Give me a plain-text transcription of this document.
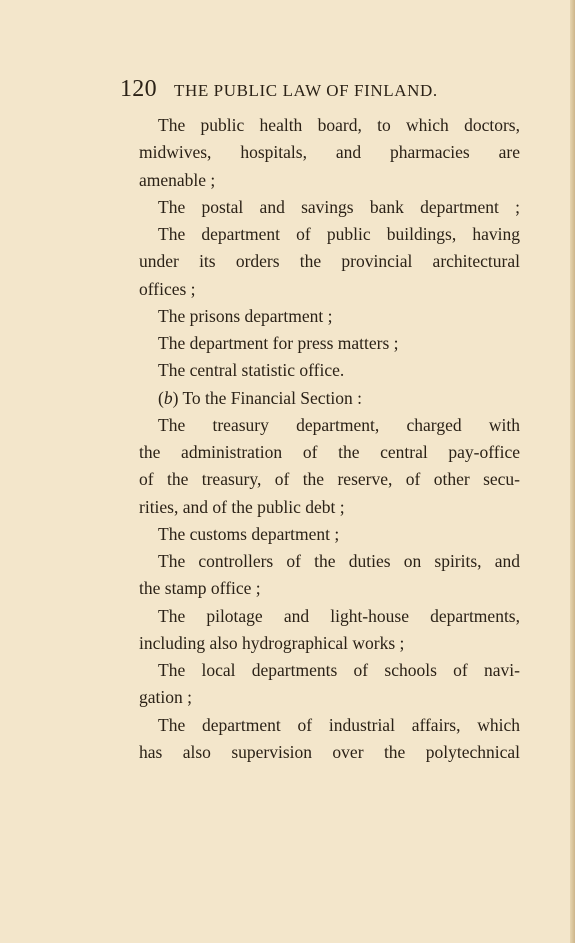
120 THE PUBLIC LAW OF FINLAND.
The public health board, to which doctors,
midwives, hospitals, and pharmacies are
amenable ;
The postal and savings bank department ;
The department of public buildings, having
under its orders the provincial architectural
offices ;
The prisons department ;
The department for press matters ;
The central statistic office.
(b) To the Financial Section :
The treasury department, charged with
the administration of the central pay-office
of the treasury, of the reserve, of other secu-
rities, and of the public debt ;
The customs department ;
The controllers of the duties on spirits, and
the stamp office ;
The pilotage and light-house departments,
including also hydrographical works ;
The local departments of schools of navi-
gation ;
The department of industrial affairs, which
has also supervision over the polytechnical
